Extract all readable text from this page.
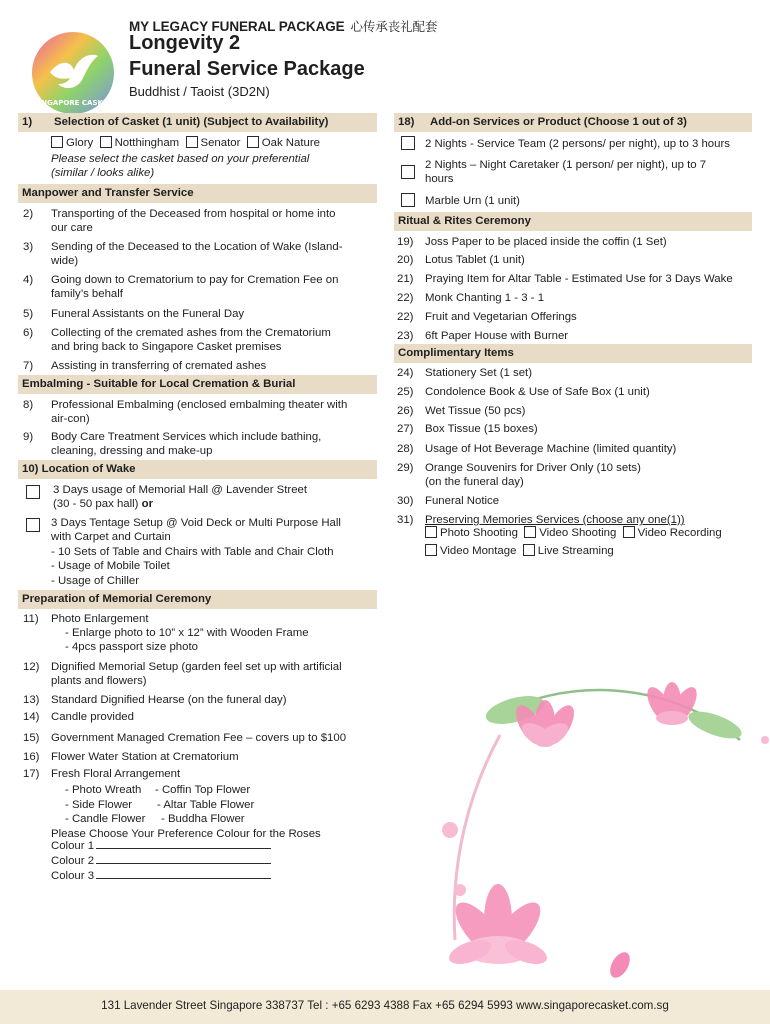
SINGAPORE CASKET
MY LEGACY FUNERAL PACKAGE 心传承丧礼配套
Longevity 2
Funeral Service Package
Buddhist / Taoist (3D2N)
1) Selection of Casket (1 unit) (Subject to Availability)
Glory Notthingham Senator Oak Nature
Please select the casket based on your preferential
(similar / looks alike)
Manpower and Transfer Service
2) Transporting of the Deceased from hospital or home into
our care
3) Sending of the Deceased to the Location of Wake (Island-
wide)
4) Going down to Crematorium to pay for Cremation Fee on
family’s behalf
5) Funeral Assistants on the Funeral Day
6) Collecting of the cremated ashes from the Crematorium
and bring back to Singapore Casket premises
7) Assisting in transferring of cremated ashes
Embalming - Suitable for Local Cremation & Burial
8) Professional Embalming (enclosed embalming theater with
air-con)
9) Body Care Treatment Services which include bathing,
cleaning, dressing and make-up
10) Location of Wake
3 Days usage of Memorial Hall @ Lavender Street
(30 - 50 pax hall) or
3 Days Tentage Setup @ Void Deck or Multi Purpose Hall
with Carpet and Curtain
- 10 Sets of Table and Chairs with Table and Chair Cloth
- Usage of Mobile Toilet
- Usage of Chiller
Preparation of Memorial Ceremony
11) Photo Enlargement
- Enlarge photo to 10” x 12” with Wooden Frame
- 4pcs passport size photo
12) Dignified Memorial Setup (garden feel set up with artificial
plants and flowers)
13) Standard Dignified Hearse (on the funeral day)
14) Candle provided
15) Government Managed Cremation Fee – covers up to $100
16) Flower Water Station at Crematorium
17) Fresh Floral Arrangement
- Photo Wreath - Coffin Top Flower
- Side Flower - Altar Table Flower
- Candle Flower - Buddha Flower
Please Choose Your Preference Colour for the Roses
Colour 1
Colour 2
Colour 3
18) Add-on Services or Product (Choose 1 out of 3)
2 Nights - Service Team (2 persons/ per night), up to 3 hours
2 Nights – Night Caretaker (1 person/ per night), up to 7
hours
Marble Urn (1 unit)
Ritual & Rites Ceremony
19) Joss Paper to be placed inside the coffin (1 Set)
20) Lotus Tablet (1 unit)
21) Praying Item for Altar Table - Estimated Use for 3 Days Wake
22) Monk Chanting 1 - 3 - 1
22) Fruit and Vegetarian Offerings
23) 6ft Paper House with Burner
Complimentary Items
24) Stationery Set (1 set)
25) Condolence Book & Use of Safe Box (1 unit)
26) Wet Tissue (50 pcs)
27) Box Tissue (15 boxes)
28) Usage of Hot Beverage Machine (limited quantity)
29) Orange Souvenirs for Driver Only (10 sets)
(on the funeral day)
30) Funeral Notice
31) Preserving Memories Services (choose any one(1))
Photo Shooting Video Shooting Video Recording
Video Montage Live Streaming
131 Lavender Street Singapore 338737 Tel : +65 6293 4388 Fax +65 6294 5993 www.singaporecasket.com.sg
